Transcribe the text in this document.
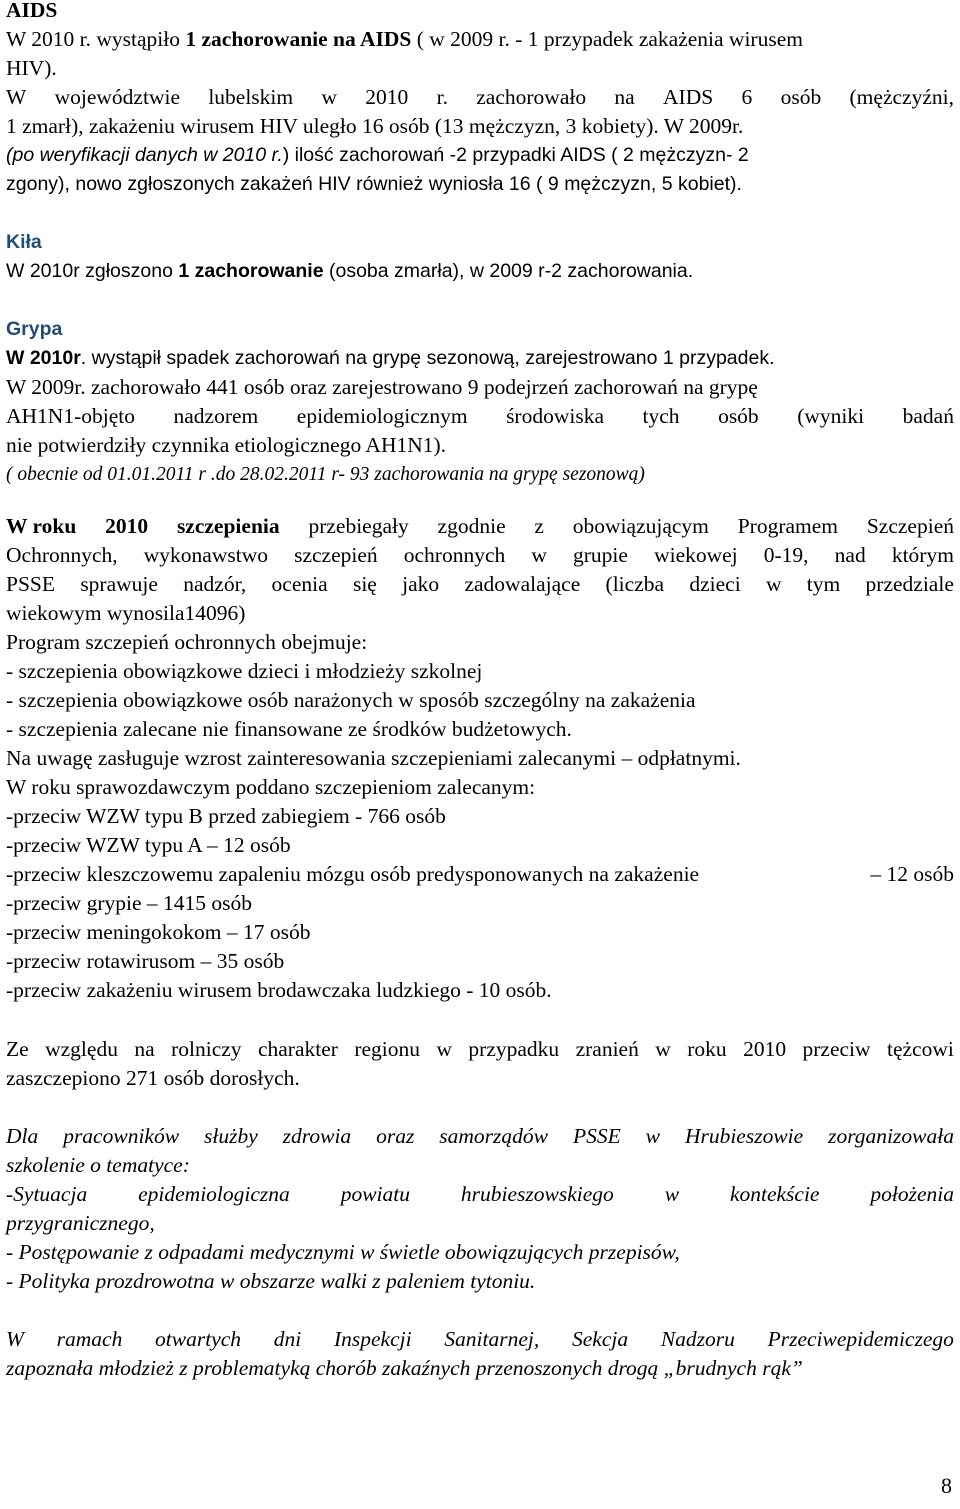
AIDS
W 2010 r. wystąpiło 1 zachorowanie na AIDS ( w 2009 r. - 1 przypadek zakażenia wirusem
HIV).
W województwie lubelskim w 2010 r. zachorowało na AIDS 6 osób (mężczyźni,
1 zmarł), zakażeniu wirusem HIV uległo 16 osób (13 mężczyzn, 3 kobiety). W 2009r.
(po weryfikacji danych w 2010 r.) ilość zachorowań -2 przypadki AIDS ( 2 mężczyzn- 2
zgony), nowo zgłoszonych zakażeń HIV również wyniosła 16 ( 9 mężczyzn, 5 kobiet).
Kiła
W 2010r zgłoszono 1 zachorowanie (osoba zmarła), w 2009 r-2 zachorowania.
Grypa
W 2010r. wystąpił spadek zachorowań na grypę sezonową, zarejestrowano 1 przypadek.
W 2009r. zachorowało 441 osób oraz zarejestrowano 9 podejrzeń zachorowań na grypę
AH1N1-objęto nadzorem epidemiologicznym środowiska tych osób (wyniki badań
nie potwierdziły czynnika etiologicznego AH1N1).
( obecnie od 01.01.2011 r .do 28.02.2011 r- 93 zachorowania na grypę sezonową)
W roku 2010 szczepienia przebiegały zgodnie z obowiązującym Programem Szczepień
Ochronnych, wykonawstwo szczepień ochronnych w grupie wiekowej 0-19, nad którym
PSSE sprawuje nadzór, ocenia się jako zadowalające (liczba dzieci w tym przedziale
wiekowym wynosila14096)
Program szczepień ochronnych obejmuje:
- szczepienia obowiązkowe dzieci i młodzieży szkolnej
- szczepienia obowiązkowe osób narażonych w sposób szczególny na zakażenia
- szczepienia zalecane nie finansowane ze środków budżetowych.
Na uwagę zasługuje wzrost zainteresowania szczepieniami zalecanymi – odpłatnymi.
W roku sprawozdawczym poddano szczepieniom zalecanym:
-przeciw WZW typu B przed zabiegiem - 766 osób
-przeciw WZW typu A – 12 osób
-przeciw kleszczowemu zapaleniu mózgu osób predysponowanych na zakażenie	– 12 osób
-przeciw grypie – 1415 osób
-przeciw meningokokom – 17 osób
-przeciw rotawirusom – 35 osób
-przeciw zakażeniu wirusem brodawczaka ludzkiego - 10 osób.
Ze względu na rolniczy charakter regionu w przypadku zranień w roku 2010 przeciw tężcowi
zaszczepiono 271 osób dorosłych.
Dla pracowników służby zdrowia oraz samorządów PSSE w Hrubieszowie zorganizowała
szkolenie o tematyce:
-Sytuacja epidemiologiczna powiatu hrubieszowskiego w kontekście położenia
przygranicznego,
- Postępowanie z odpadami medycznymi w świetle obowiązujących przepisów,
- Polityka prozdrowotna w obszarze walki z paleniem tytoniu.
W ramach otwartych dni Inspekcji Sanitarnej, Sekcja Nadzoru Przeciwepidemiczego
zapoznała młodzież z problematyką chorób zakaźnych przenoszonych drogą „brudnych rąk”
8
